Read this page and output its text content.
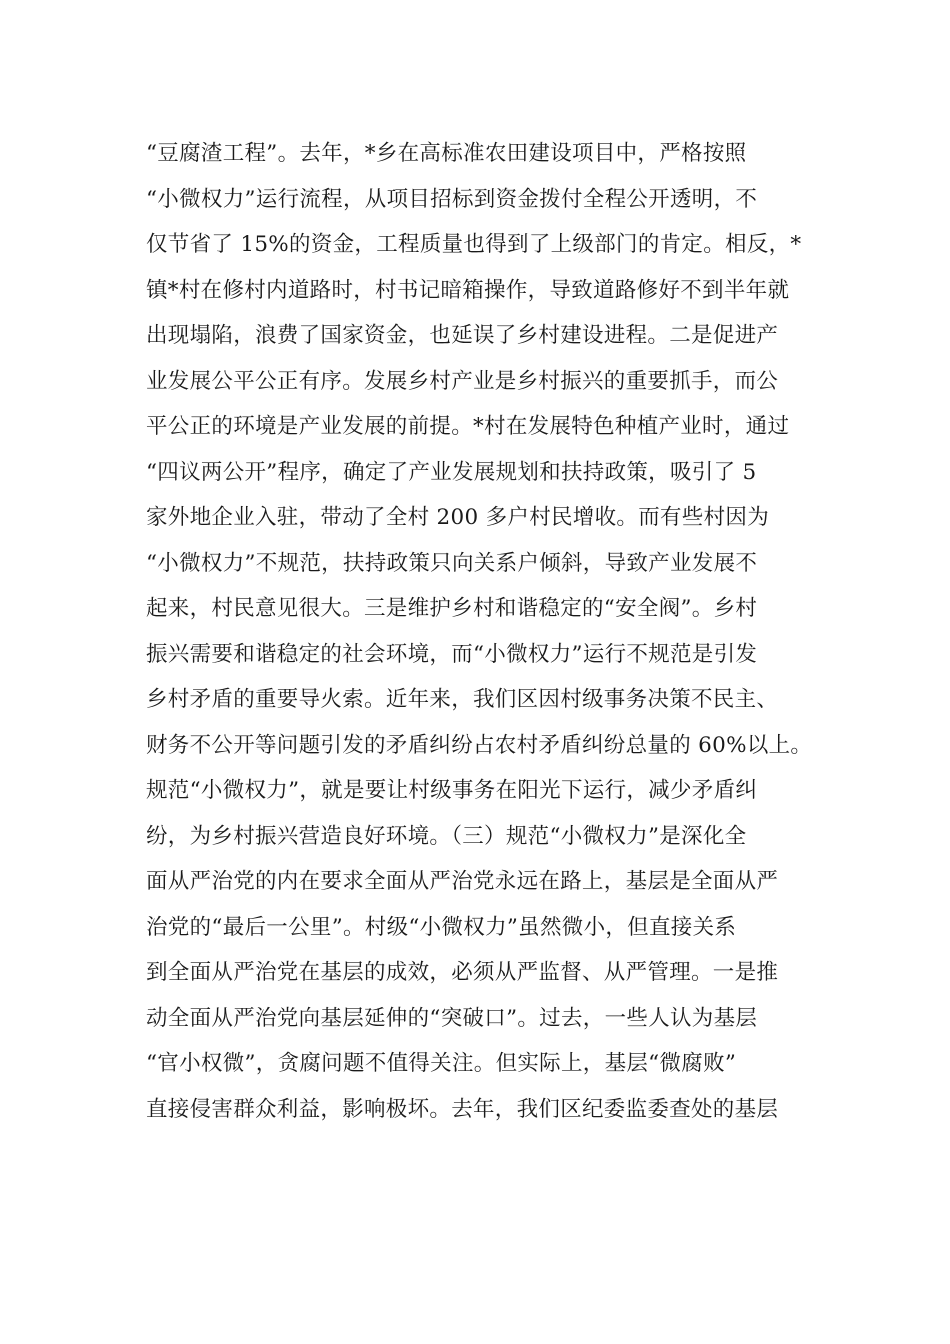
“豆腐渣工程”。去年，*乡在高标准农田建设项目中，严格按照
“小微权力”运行流程，从项目招标到资金拨付全程公开透明，不
仅节省了 15%的资金，工程质量也得到了上级部门的肯定。相反，*
镇*村在修村内道路时，村书记暗箱操作，导致道路修好不到半年就
出现塌陷，浪费了国家资金，也延误了乡村建设进程。二是促进产
业发展公平公正有序。发展乡村产业是乡村振兴的重要抓手，而公
平公正的环境是产业发展的前提。*村在发展特色种植产业时，通过
“四议两公开”程序，确定了产业发展规划和扶持政策，吸引了 5
家外地企业入驻，带动了全村 200 多户村民增收。而有些村因为
“小微权力”不规范，扶持政策只向关系户倾斜，导致产业发展不
起来，村民意见很大。三是维护乡村和谐稳定的“安全阀”。乡村
振兴需要和谐稳定的社会环境，而“小微权力”运行不规范是引发
乡村矛盾的重要导火索。近年来，我们区因村级事务决策不民主、
财务不公开等问题引发的矛盾纠纷占农村矛盾纠纷总量的 60%以上。
规范“小微权力”，就是要让村级事务在阳光下运行，减少矛盾纠
纷，为乡村振兴营造良好环境。（三）规范“小微权力”是深化全
面从严治党的内在要求全面从严治党永远在路上，基层是全面从严
治党的“最后一公里”。村级“小微权力”虽然微小，但直接关系
到全面从严治党在基层的成效，必须从严监督、从严管理。一是推
动全面从严治党向基层延伸的“突破口”。过去，一些人认为基层
“官小权微”，贪腐问题不值得关注。但实际上，基层“微腐败”
直接侵害群众利益，影响极坏。去年，我们区纪委监委查处的基层
